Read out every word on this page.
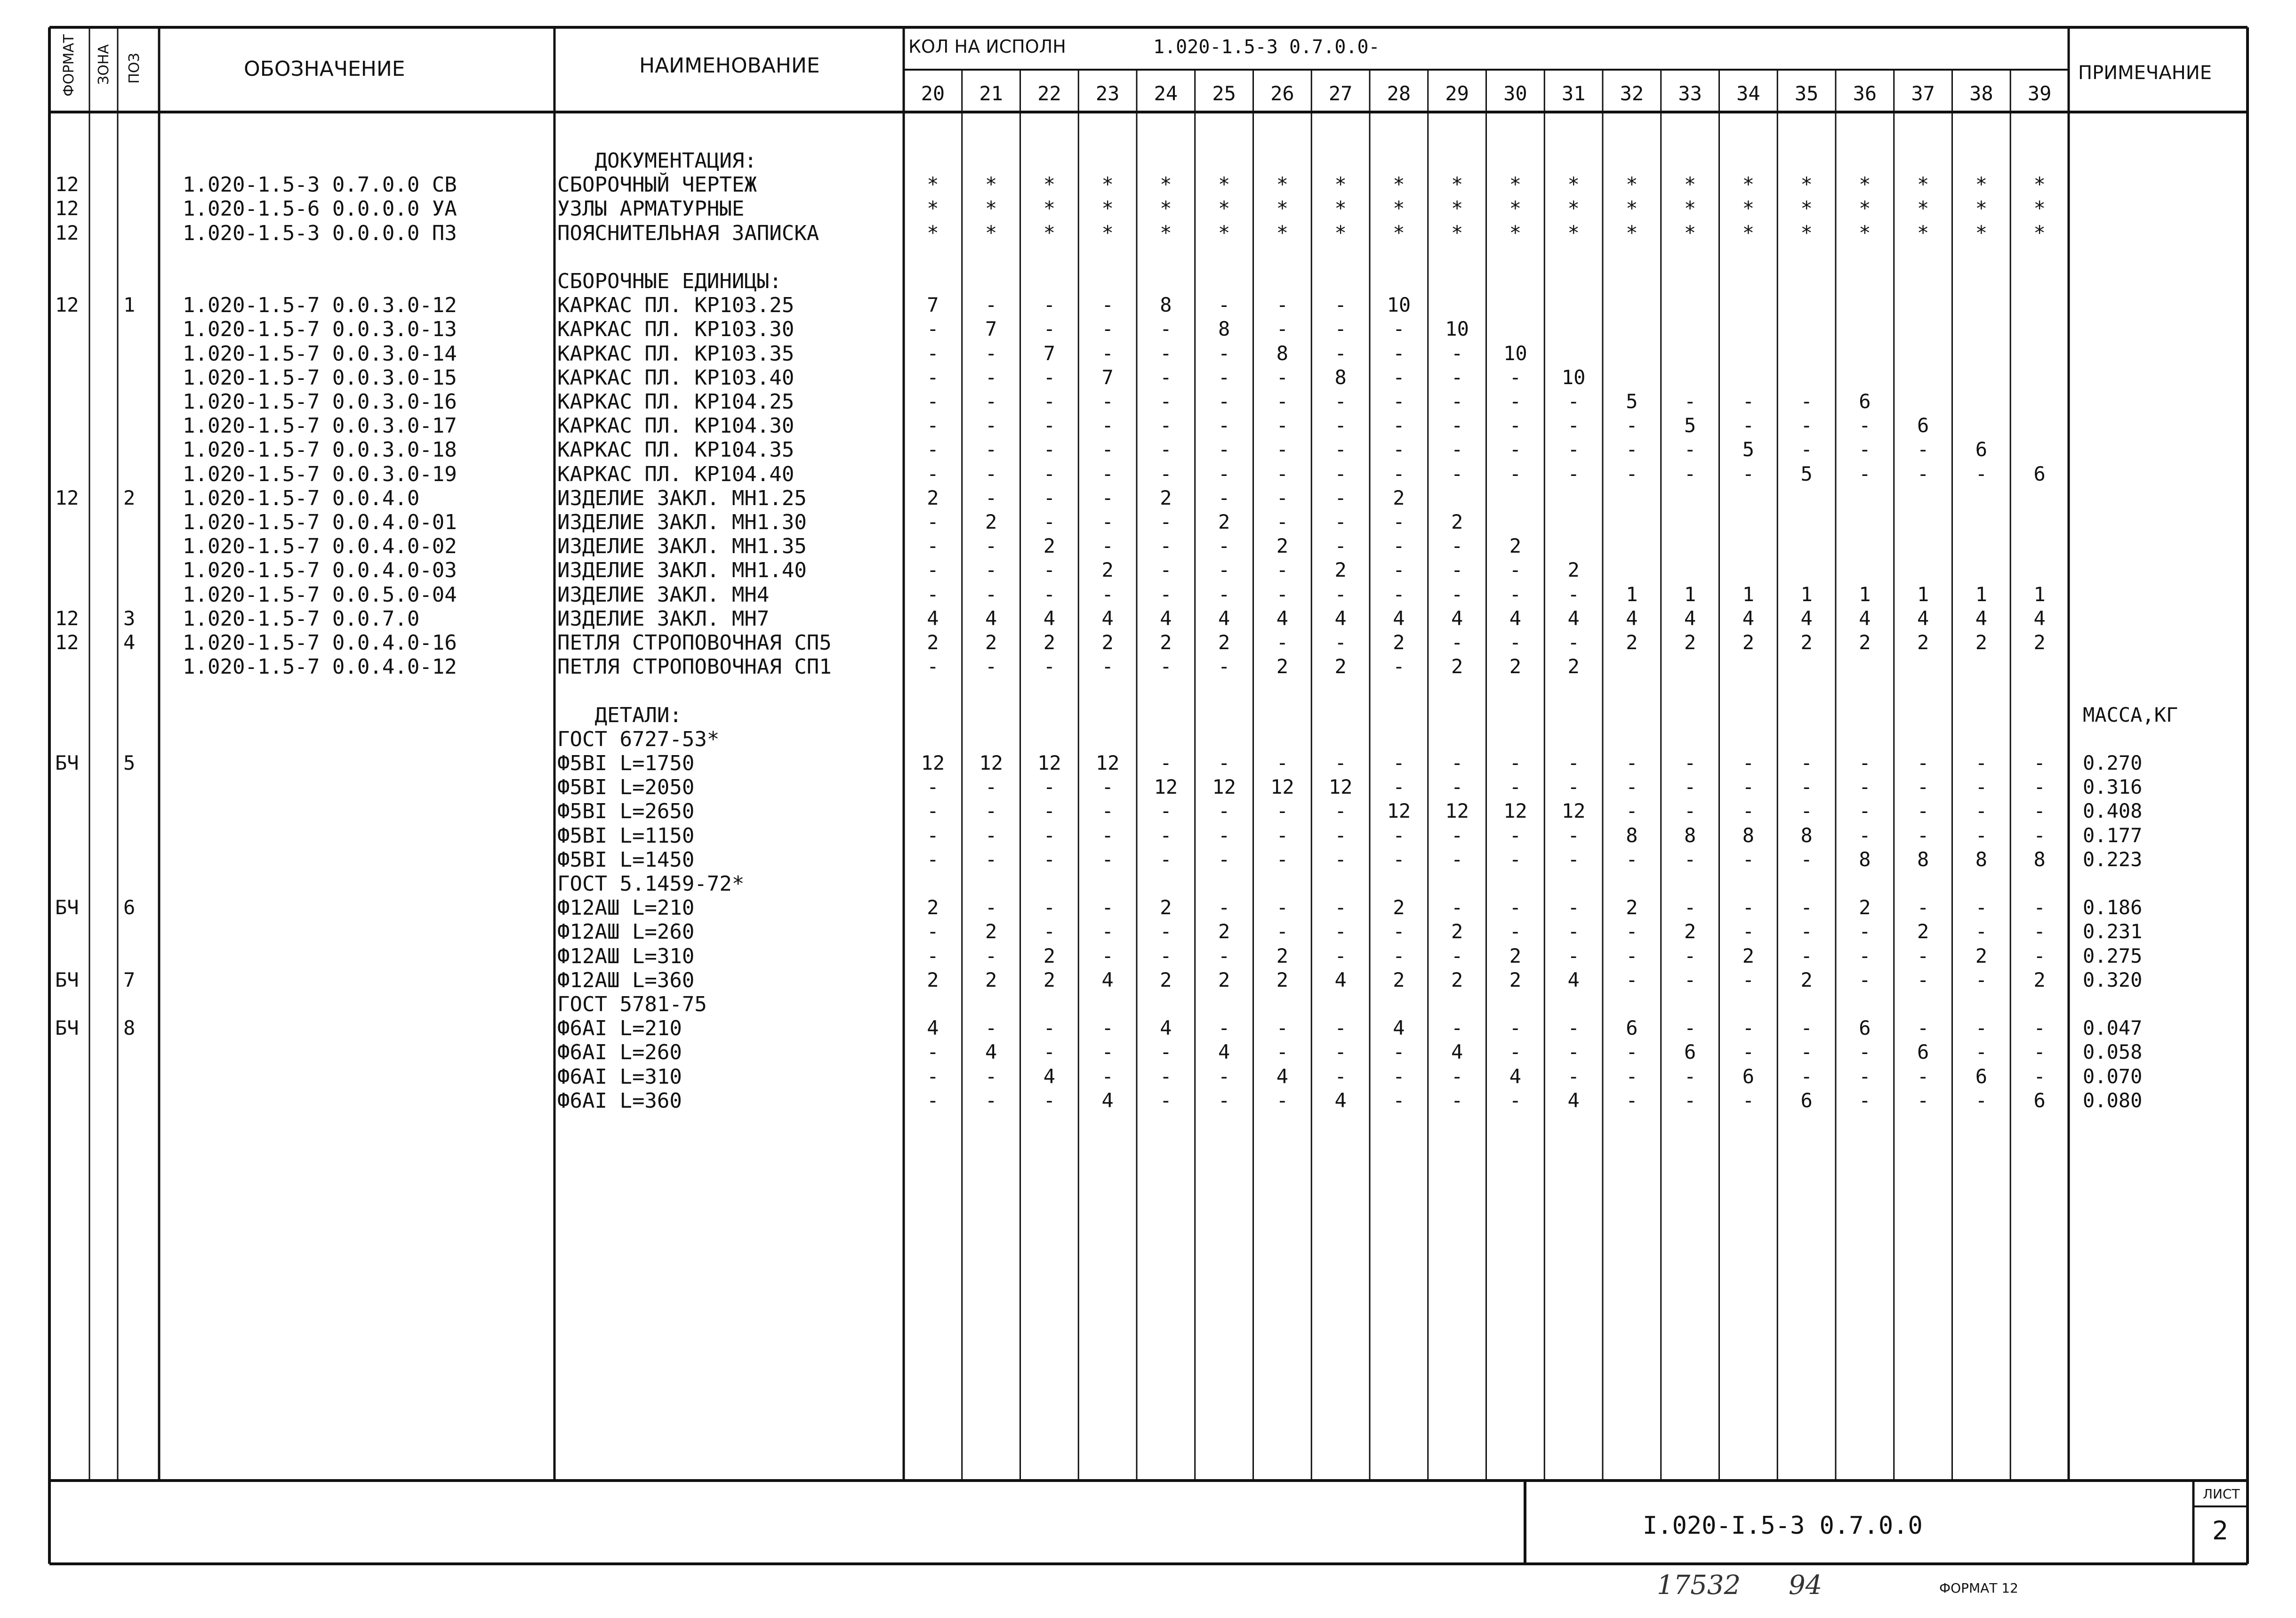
ФОРМАТ ЗОНА ПОЗ	ОБОЗНАЧЕНИЕ	НАИМЕНОВАНИЕ
КОЛ НА ИСПОЛН	1.020-1.5-3 0.7.0.0-
ПРИМЕЧАНИЕ
20	21	22	23	24	25	26	27	28	29	30	31	32	33	34	35	36	37	38	39
ДОКУМЕНТАЦИЯ:
12	1.020-1.5-3 0.7.0.0 СВ	СБОРОЧНЫЙ ЧЕРТЕЖ	*	*	*	*	*	*	*	*	*	*	*	*	*	*	*	*	*	*	*	*
12	1.020-1.5-6 0.0.0.0 УА	УЗЛЫ АРМАТУРНЫЕ	*	*	*	*	*	*	*	*	*	*	*	*	*	*	*	*	*	*	*	*
12	1.020-1.5-3 0.0.0.0 ПЗ	ПОЯСНИТЕЛЬНАЯ ЗАПИСКА	*	*	*	*	*	*	*	*	*	*	*	*	*	*	*	*	*	*	*	*
СБОРОЧНЫЕ ЕДИНИЦЫ:
12 1 1.020-1.5-7 0.0.3.0-12	КАРКАС ПЛ. КР103.25	7	-	-	-	8	-	-	-	10
1.020-1.5-7 0.0.3.0-13	КАРКАС ПЛ. КР103.30	-	7	-	-	-	8	-	-	-	10
1.020-1.5-7 0.0.3.0-14	КАРКАС ПЛ. КР103.35	-	-	7	-	-	-	8	-	-	-	10
1.020-1.5-7 0.0.3.0-15	КАРКАС ПЛ. КР103.40	-	-	-	7	-	-	-	8	-	-	-	10
1.020-1.5-7 0.0.3.0-16	КАРКАС ПЛ. КР104.25	-	-	-	-	-	-	-	-	-	-	-	-	5	-	-	-	6
1.020-1.5-7 0.0.3.0-17	КАРКАС ПЛ. КР104.30	-	-	-	-	-	-	-	-	-	-	-	-	-	5	-	-	-	6
1.020-1.5-7 0.0.3.0-18	КАРКАС ПЛ. КР104.35	-	-	-	-	-	-	-	-	-	-	-	-	-	-	5	-	-	-	6
1.020-1.5-7 0.0.3.0-19	КАРКАС ПЛ. КР104.40	-	-	-	-	-	-	-	-	-	-	-	-	-	-	-	5	-	-	-	6
12 2 1.020-1.5-7 0.0.4.0	ИЗДЕЛИЕ ЗАКЛ. МН1.25	2	-	-	-	2	-	-	-	2
1.020-1.5-7 0.0.4.0-01	ИЗДЕЛИЕ ЗАКЛ. МН1.30	-	2	-	-	-	2	-	-	-	2
1.020-1.5-7 0.0.4.0-02	ИЗДЕЛИЕ ЗАКЛ. МН1.35	-	-	2	-	-	-	2	-	-	-	2
1.020-1.5-7 0.0.4.0-03	ИЗДЕЛИЕ ЗАКЛ. МН1.40	-	-	-	2	-	-	-	2	-	-	-	2
1.020-1.5-7 0.0.5.0-04	ИЗДЕЛИЕ ЗАКЛ. МН4	-	-	-	-	-	-	-	-	-	-	-	-	1	1	1	1	1	1	1	1
12 3 1.020-1.5-7 0.0.7.0	ИЗДЕЛИЕ ЗАКЛ. МН7	4	4	4	4	4	4	4	4	4	4	4	4	4	4	4	4	4	4	4	4
12 4 1.020-1.5-7 0.0.4.0-16	ПЕТЛЯ СТРОПОВОЧНАЯ СП5	2	2	2	2	2	2	-	-	2	-	-	-	2	2	2	2	2	2	2	2
1.020-1.5-7 0.0.4.0-12	ПЕТЛЯ СТРОПОВОЧНАЯ СП1	-	-	-	-	-	-	2	2	-	2	2	2
ДЕТАЛИ:	МАССА,КГ
ГОСТ 6727-53*
БЧ 5	Ф5ВI L=1750	12	12	12	12	-	-	-	-	-	-	-	-	-	-	-	-	-	-	-	-	0.270
Ф5ВI L=2050	-	-	-	-	12	12	12	12	-	-	-	-	-	-	-	-	-	-	-	-	0.316
Ф5ВI L=2650	-	-	-	-	-	-	-	-	12	12	12	12	-	-	-	-	-	-	-	-	0.408
Ф5ВI L=1150	-	-	-	-	-	-	-	-	-	-	-	-	8	8	8	8	-	-	-	-	0.177
Ф5ВI L=1450	-	-	-	-	-	-	-	-	-	-	-	-	-	-	-	-	8	8	8	8	0.223
ГОСТ 5.1459-72*
БЧ 6	Ф12АШ L=210	2	-	-	-	2	-	-	-	2	-	-	-	2	-	-	-	2	-	-	-	0.186
Ф12АШ L=260	-	2	-	-	-	2	-	-	-	2	-	-	-	2	-	-	-	2	-	-	0.231
Ф12АШ L=310	-	-	2	-	-	-	2	-	-	-	2	-	-	-	2	-	-	-	2	-	0.275
БЧ 7	Ф12АШ L=360	2	2	2	4	2	2	2	4	2	2	2	4	-	-	-	2	-	-	-	2	0.320
ГОСТ 5781-75
БЧ 8	Ф6АI L=210	4	-	-	-	4	-	-	-	4	-	-	-	6	-	-	-	6	-	-	-	0.047
Ф6АI L=260	-	4	-	-	-	4	-	-	-	4	-	-	-	6	-	-	-	6	-	-	0.058
Ф6АI L=310	-	-	4	-	-	-	4	-	-	-	4	-	-	-	6	-	-	-	6	-	0.070
Ф6АI L=360	-	-	-	4	-	-	-	4	-	-	-	4	-	-	-	6	-	-	-	6	0.080
I.020-I.5-3 0.7.0.0
ЛИСТ
2
17532 94	ФОРМАТ 12
